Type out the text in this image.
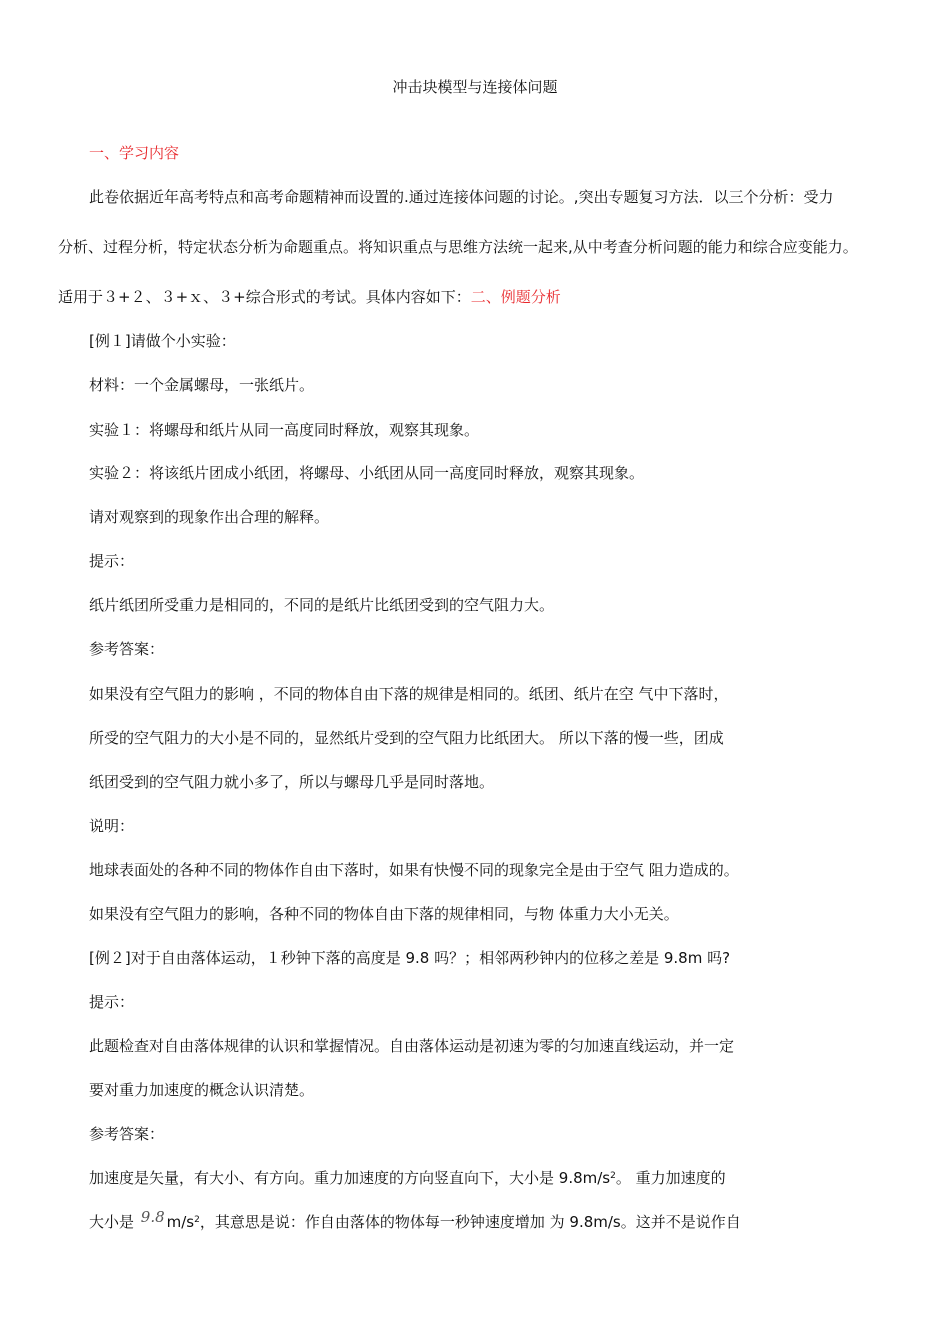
冲击块模型与连接体问题
一、学习内容
此卷依据近年高考特点和高考命题精神而设置的.通过连接体问题的讨论。,突出专题复习方法．以三个分析：受力
分析、过程分析，特定状态分析为命题重点。将知识重点与思维方法统一起来,从中考查分析问题的能力和综合应变能力。
适用于３+２、３+ｘ、３+综合形式的考试。具体内容如下：二、例题分析
[例１]请做个小实验：
材料：一个金属螺母，一张纸片。
实验１：将螺母和纸片从同一高度同时释放，观察其现象。
实验２：将该纸片团成小纸团，将螺母、小纸团从同一高度同时释放，观察其现象。
请对观察到的现象作出合理的解释。
提示：
纸片纸团所受重力是相同的，不同的是纸片比纸团受到的空气阻力大。
参考答案：
如果没有空气阻力的影响 ，不同的物体自由下落的规律是相同的。纸团、纸片在空 气中下落时，
所受的空气阻力的大小是不同的，显然纸片受到的空气阻力比纸团大。 所以下落的慢一些，团成
纸团受到的空气阻力就小多了，所以与螺母几乎是同时落地。
说明：
地球表面处的各种不同的物体作自由下落时，如果有快慢不同的现象完全是由于空气 阻力造成的。
如果没有空气阻力的影响，各种不同的物体自由下落的规律相同，与物 体重力大小无关。
[例２]对于自由落体运动，１秒钟下落的高度是 9.8 吗？；相邻两秒钟内的位移之差是 9.8m 吗?
提示：
此题检查对自由落体规律的认识和掌握情况。自由落体运动是初速为零的匀加速直线运动，并一定
要对重力加速度的概念认识清楚。
参考答案：
加速度是矢量，有大小、有方向。重力加速度的方向竖直向下，大小是 $9.8m/s^2$。 重力加速度的
大小是 9.8 $m/s^2$，其意思是说：作自由落体的物体每一秒钟速度增加 为 9.8m/s。这并不是说作自
